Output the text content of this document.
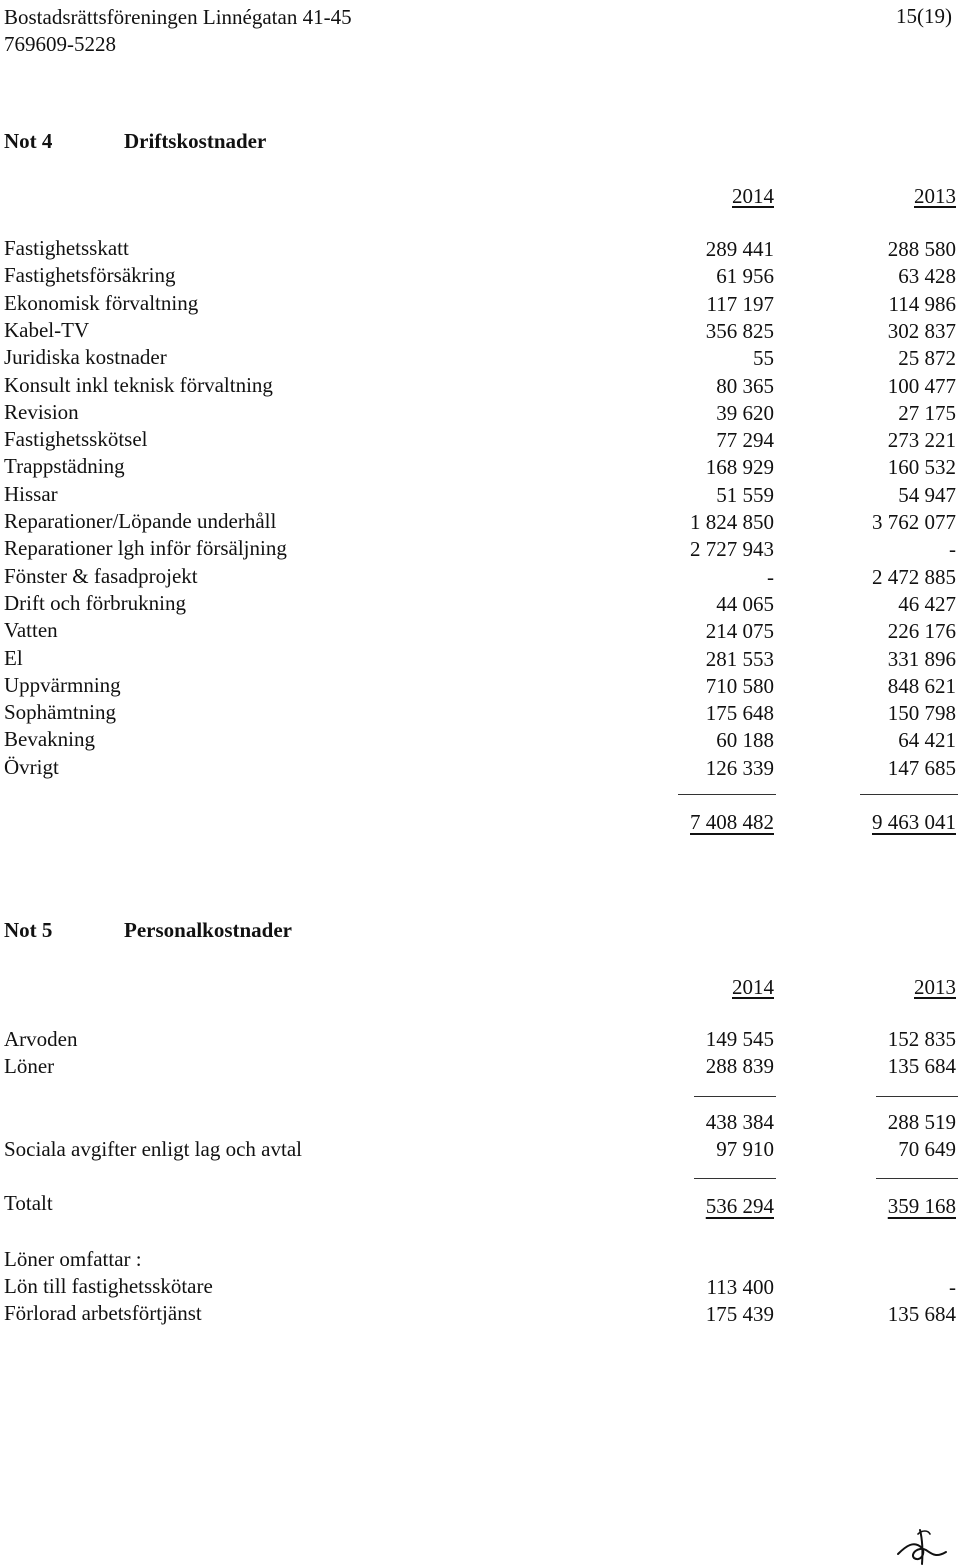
Bostadsrättsföreningen Linnégatan 41-45
769609-5228
15(19)
Not 4	Driftskostnader
2014	2013
Fastighetsskatt	289 441	288 580
Fastighetsförsäkring	61 956	63 428
Ekonomisk förvaltning	117 197	114 986
Kabel-TV	356 825	302 837
Juridiska kostnader	55	25 872
Konsult inkl teknisk förvaltning	80 365	100 477
Revision	39 620	27 175
Fastighetsskötsel	77 294	273 221
Trappstädning	168 929	160 532
Hissar	51 559	54 947
Reparationer/Löpande underhåll	1 824 850	3 762 077
Reparationer lgh inför försäljning	2 727 943	-
Fönster & fasadprojekt	-	2 472 885
Drift och förbrukning	44 065	46 427
Vatten	214 075	226 176
El	281 553	331 896
Uppvärmning	710 580	848 621
Sophämtning	175 648	150 798
Bevakning	60 188	64 421
Övrigt	126 339	147 685
7 408 482	9 463 041
Not 5	Personalkostnader
2014	2013
Arvoden	149 545	152 835
Löner	288 839	135 684
438 384	288 519
Sociala avgifter enligt lag och avtal	97 910	70 649
Totalt	536 294	359 168
Löner omfattar :
Lön till fastighetsskötare	113 400	-
Förlorad arbetsförtjänst	175 439	135 684
